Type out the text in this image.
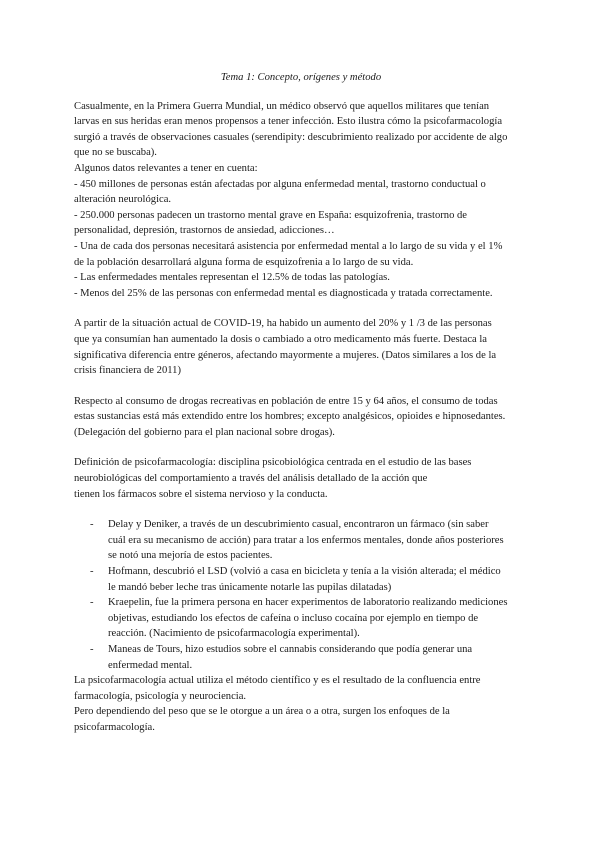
Tema 1: Concepto, orígenes y método

Casualmente, en la Primera Guerra Mundial, un médico observó que aquellos militares que tenían
larvas en sus heridas eran menos propensos a tener infección. Esto ilustra cómo la psicofarmacología
surgió a través de observaciones casuales (serendipity: descubrimiento realizado por accidente de algo
que no se buscaba).
Algunos datos relevantes a tener en cuenta:
- 450 millones de personas están afectadas por alguna enfermedad mental, trastorno conductual o
alteración neurológica.
- 250.000 personas padecen un trastorno mental grave en España: esquizofrenia, trastorno de
personalidad, depresión, trastornos de ansiedad, adicciones…
- Una de cada dos personas necesitará asistencia por enfermedad mental a lo largo de su vida y el 1%
de la población desarrollará alguna forma de esquizofrenia a lo largo de su vida.
- Las enfermedades mentales representan el 12.5% de todas las patologías.
- Menos del 25% de las personas con enfermedad mental es diagnosticada y tratada correctamente.

A partir de la situación actual de COVID-19, ha habido un aumento del 20% y 1 /3 de las personas
que ya consumían han aumentado la dosis o cambiado a otro medicamento más fuerte. Destaca la
significativa diferencia entre géneros, afectando mayormente a mujeres. (Datos similares a los de la
crisis financiera de 2011)

Respecto al consumo de drogas recreativas en población de entre 15 y 64 años, el consumo de todas
estas sustancias está más extendido entre los hombres; excepto analgésicos, opioides e hipnosedantes.
(Delegación del gobierno para el plan nacional sobre drogas).

Definición de psicofarmacología: disciplina psicobiológica centrada en el estudio de las bases
neurobiológicas del comportamiento a través del análisis detallado de la acción que
tienen los fármacos sobre el sistema nervioso y la conducta.

- Delay y Deniker, a través de un descubrimiento casual, encontraron un fármaco (sin saber
cuál era su mecanismo de acción) para tratar a los enfermos mentales, donde años posteriores
se notó una mejoría de estos pacientes.
- Hofmann, descubrió el LSD (volvió a casa en bicicleta y tenía a la visión alterada; el médico
le mandó beber leche tras únicamente notarle las pupilas dilatadas)
- Kraepelin, fue la primera persona en hacer experimentos de laboratorio realizando mediciones
objetivas, estudiando los efectos de cafeína o incluso cocaína por ejemplo en tiempo de
reacción. (Nacimiento de psicofarmacología experimental).
- Maneas de Tours, hizo estudios sobre el cannabis considerando que podía generar una
enfermedad mental.

La psicofarmacología actual utiliza el método científico y es el resultado de la confluencia entre
farmacología, psicología y neurociencia.
Pero dependiendo del peso que se le otorgue a un área o a otra, surgen los enfoques de la
psicofarmacología.
